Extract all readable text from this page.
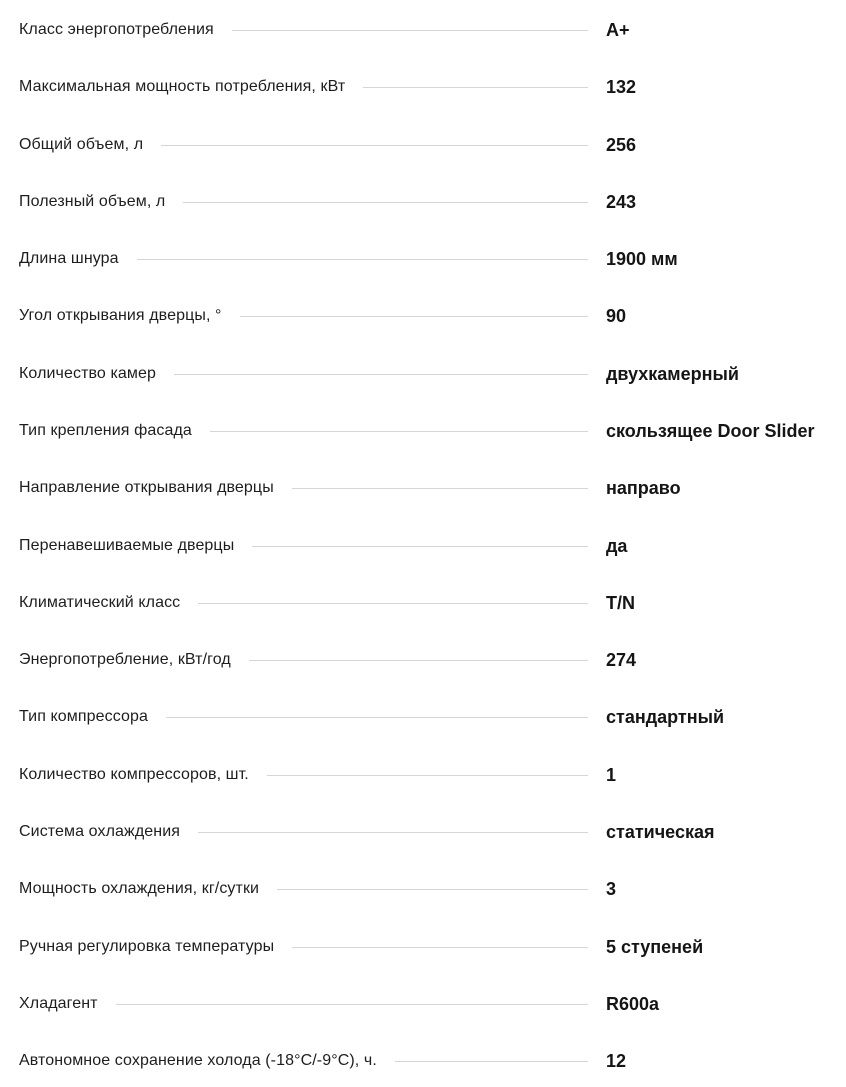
Класс энергопотребления	A+
Максимальная мощность потребления, кВт	132
Общий объем, л	256
Полезный объем, л	243
Длина шнура	1900 мм
Угол открывания дверцы, °	90
Количество камер	двухкамерный
Тип крепления фасада	скользящее Door Slider
Направление открывания дверцы	направо
Перенавешиваемые дверцы	да
Климатический класс	T/N
Энергопотребление, кВт/год	274
Тип компрессора	стандартный
Количество компрессоров, шт.	1
Система охлаждения	статическая
Мощность охлаждения, кг/сутки	3
Ручная регулировка температуры	5 ступеней
Хладагент	R600a
Автономное сохранение холода (-18°C/-9°C), ч.	12
